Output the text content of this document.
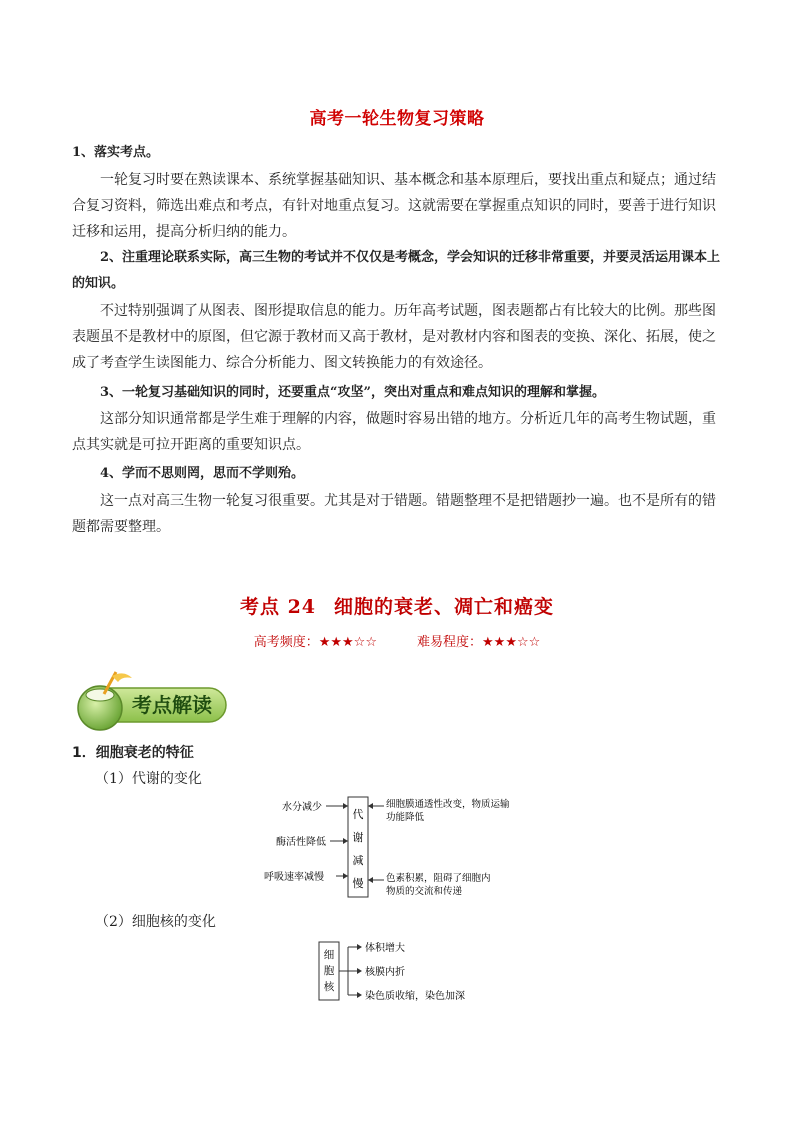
高考一轮生物复习策略
1、落实考点。
一轮复习时要在熟读课本、系统掌握基础知识、基本概念和基本原理后，要找出重点和疑点；通过结合复习资料，筛选出难点和考点，有针对地重点复习。这就需要在掌握重点知识的同时，要善于进行知识迁移和运用，提高分析归纳的能力。
2、注重理论联系实际，高三生物的考试并不仅仅是考概念，学会知识的迁移非常重要，并要灵活运用课本上的知识。
不过特别强调了从图表、图形提取信息的能力。历年高考试题，图表题都占有比较大的比例。那些图表题虽不是教材中的原图，但它源于教材而又高于教材，是对教材内容和图表的变换、深化、拓展，使之成了考查学生读图能力、综合分析能力、图文转换能力的有效途径。
3、一轮复习基础知识的同时，还要重点“攻坚”，突出对重点和难点知识的理解和掌握。
这部分知识通常都是学生难于理解的内容，做题时容易出错的地方。分析近几年的高考生物试题，重点其实就是可拉开距离的重要知识点。
4、学而不思则罔，思而不学则殆。
这一点对高三生物一轮复习很重要。尤其是对于错题。错题整理不是把错题抄一遍。也不是所有的错题都需要整理。
考点 24 细胞的衰老、凋亡和癌变
高考频度：★★★☆☆	难易程度：★★★☆☆
考点解读
1．细胞衰老的特征
（1）代谢的变化
代
谢
减
慢
水分减少
酶活性降低
呼吸速率减慢
细胞膜通透性改变，物质运输
功能降低
色素积累，阻碍了细胞内
物质的交流和传递
（2）细胞核的变化
细
胞
核
体积增大
核膜内折
染色质收缩，染色加深
